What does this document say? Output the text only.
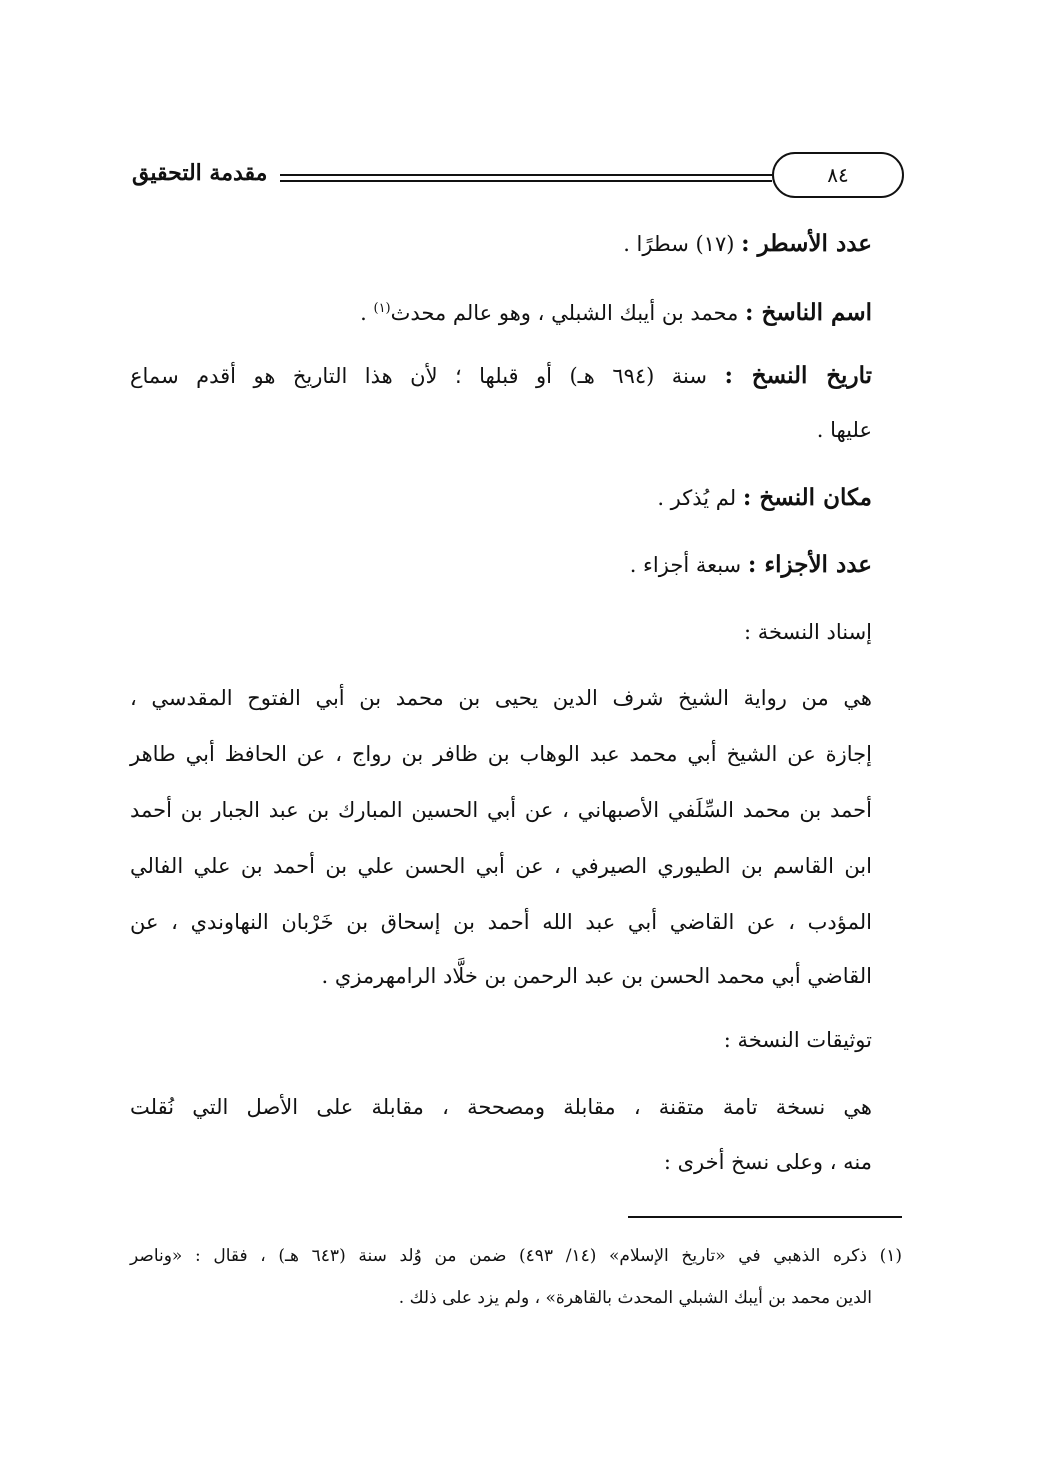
مقدمة التحقيق	٨٤
عدد الأسطر : (١٧) سطرًا .
اسم الناسخ : محمد بن أيبك الشبلي ، وهو عالم محدث$^{(١)}$ .
تاريخ النسخ : سنة (٦٩٤ هـ) أو قبلها ؛ لأن هذا التاريخ هو أقدم سماع
عليها .
مكان النسخ : لم يُذكر .
عدد الأجزاء : سبعة أجزاء .
إسناد النسخة :
هي من رواية الشيخ شرف الدين يحيى بن محمد بن أبي الفتوح المقدسي ،
إجازة عن الشيخ أبي محمد عبد الوهاب بن ظافر بن رواج ، عن الحافظ أبي طاهر
أحمد بن محمد السِّلَفي الأصبهاني ، عن أبي الحسين المبارك بن عبد الجبار بن أحمد
ابن القاسم بن الطيوري الصيرفي ، عن أبي الحسن علي بن أحمد بن علي الفالي
المؤدب ، عن القاضي أبي عبد الله أحمد بن إسحاق بن خَرْبان النهاوندي ، عن
القاضي أبي محمد الحسن بن عبد الرحمن بن خلَّاد الرامهرمزي .
توثيقات النسخة :
هي نسخة تامة متقنة ، مقابلة ومصححة ، مقابلة على الأصل التي نُقلت
منه ، وعلى نسخ أخرى :
(١) ذكره الذهبي في «تاريخ الإسلام» (١٤/ ٤٩٣) ضمن من وُلد سنة (٦٤٣ هـ) ، فقال : «وناصر
الدين محمد بن أيبك الشبلي المحدث بالقاهرة» ، ولم يزد على ذلك .
